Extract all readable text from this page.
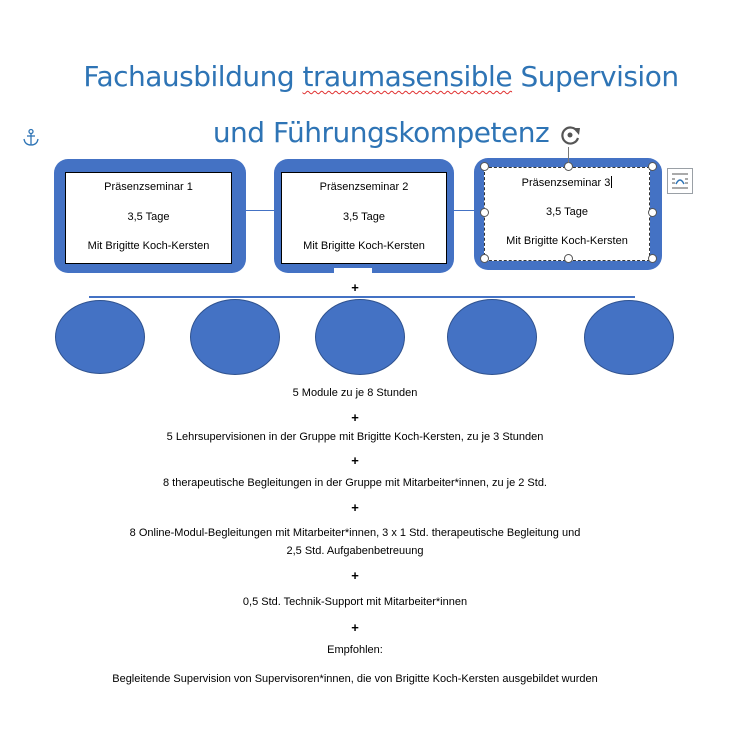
Fachausbildung traumasensible Supervision
und Führungskompetenz
Präsenzseminar 1
3,5 Tage
Mit Brigitte Koch-Kersten
Präsenzseminar 2
3,5 Tage
Mit Brigitte Koch-Kersten
Präsenzseminar 3
3,5 Tage
Mit Brigitte Koch-Kersten
+
5 Module zu je 8 Stunden
+
5 Lehrsupervisionen in der Gruppe mit Brigitte Koch-Kersten, zu je 3 Stunden
+
8 therapeutische Begleitungen in der Gruppe mit Mitarbeiter*innen, zu je 2 Std.
+
8 Online-Modul-Begleitungen mit Mitarbeiter*innen, 3 x 1 Std. therapeutische Begleitung und
2,5 Std. Aufgabenbetreuung
+
0,5 Std. Technik-Support mit Mitarbeiter*innen
+
Empfohlen:
Begleitende Supervision von Supervisoren*innen, die von Brigitte Koch-Kersten ausgebildet wurden
